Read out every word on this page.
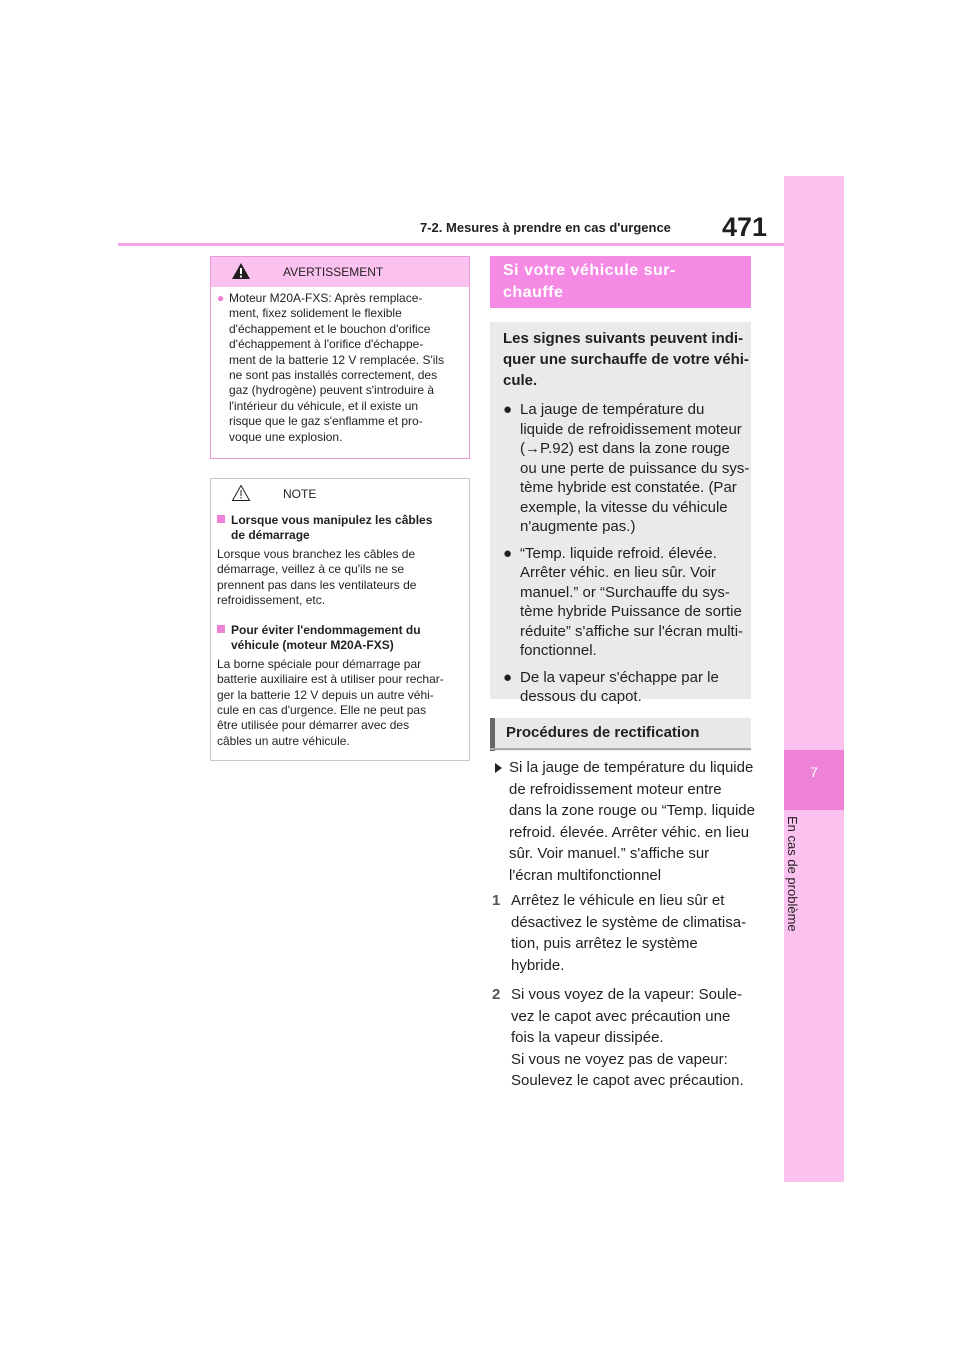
7-2. Mesures à prendre en cas d'urgence 471
7
En cas de problème
AVERTISSEMENT
● Moteur M20A-FXS: Après remplace-
ment, fixez solidement le flexible
d'échappement et le bouchon d'orifice
d'échappement à l'orifice d'échappe-
ment de la batterie 12 V remplacée. S'ils
ne sont pas installés correctement, des
gaz (hydrogène) peuvent s'introduire à
l'intérieur du véhicule, et il existe un
risque que le gaz s'enflamme et pro-
voque une explosion.
NOTE
Lorsque vous manipulez les câbles
de démarrage
Lorsque vous branchez les câbles de
démarrage, veillez à ce qu'ils ne se
prennent pas dans les ventilateurs de
refroidissement, etc.
Pour éviter l'endommagement du
véhicule (moteur M20A-FXS)
La borne spéciale pour démarrage par
batterie auxiliaire est à utiliser pour rechar-
ger la batterie 12 V depuis un autre véhi-
cule en cas d'urgence. Elle ne peut pas
être utilisée pour démarrer avec des
câbles un autre véhicule.
Si votre véhicule sur-
chauffe
Les signes suivants peuvent indi-
quer une surchauffe de votre véhi-
cule.
● La jauge de température du
liquide de refroidissement moteur
(→P.92) est dans la zone rouge
ou une perte de puissance du sys-
tème hybride est constatée. (Par
exemple, la vitesse du véhicule
n'augmente pas.)
● “Temp. liquide refroid. élevée.
Arrêter véhic. en lieu sûr. Voir
manuel.” or “Surchauffe du sys-
tème hybride Puissance de sortie
réduite” s'affiche sur l'écran multi-
fonctionnel.
● De la vapeur s'échappe par le
dessous du capot.
Procédures de rectification
Si la jauge de température du liquide
de refroidissement moteur entre
dans la zone rouge ou “Temp. liquide
refroid. élevée. Arrêter véhic. en lieu
sûr. Voir manuel.” s'affiche sur
l'écran multifonctionnel
1 Arrêtez le véhicule en lieu sûr et
désactivez le système de climatisa-
tion, puis arrêtez le système
hybride.
2 Si vous voyez de la vapeur: Soule-
vez le capot avec précaution une
fois la vapeur dissipée.
Si vous ne voyez pas de vapeur:
Soulevez le capot avec précaution.
